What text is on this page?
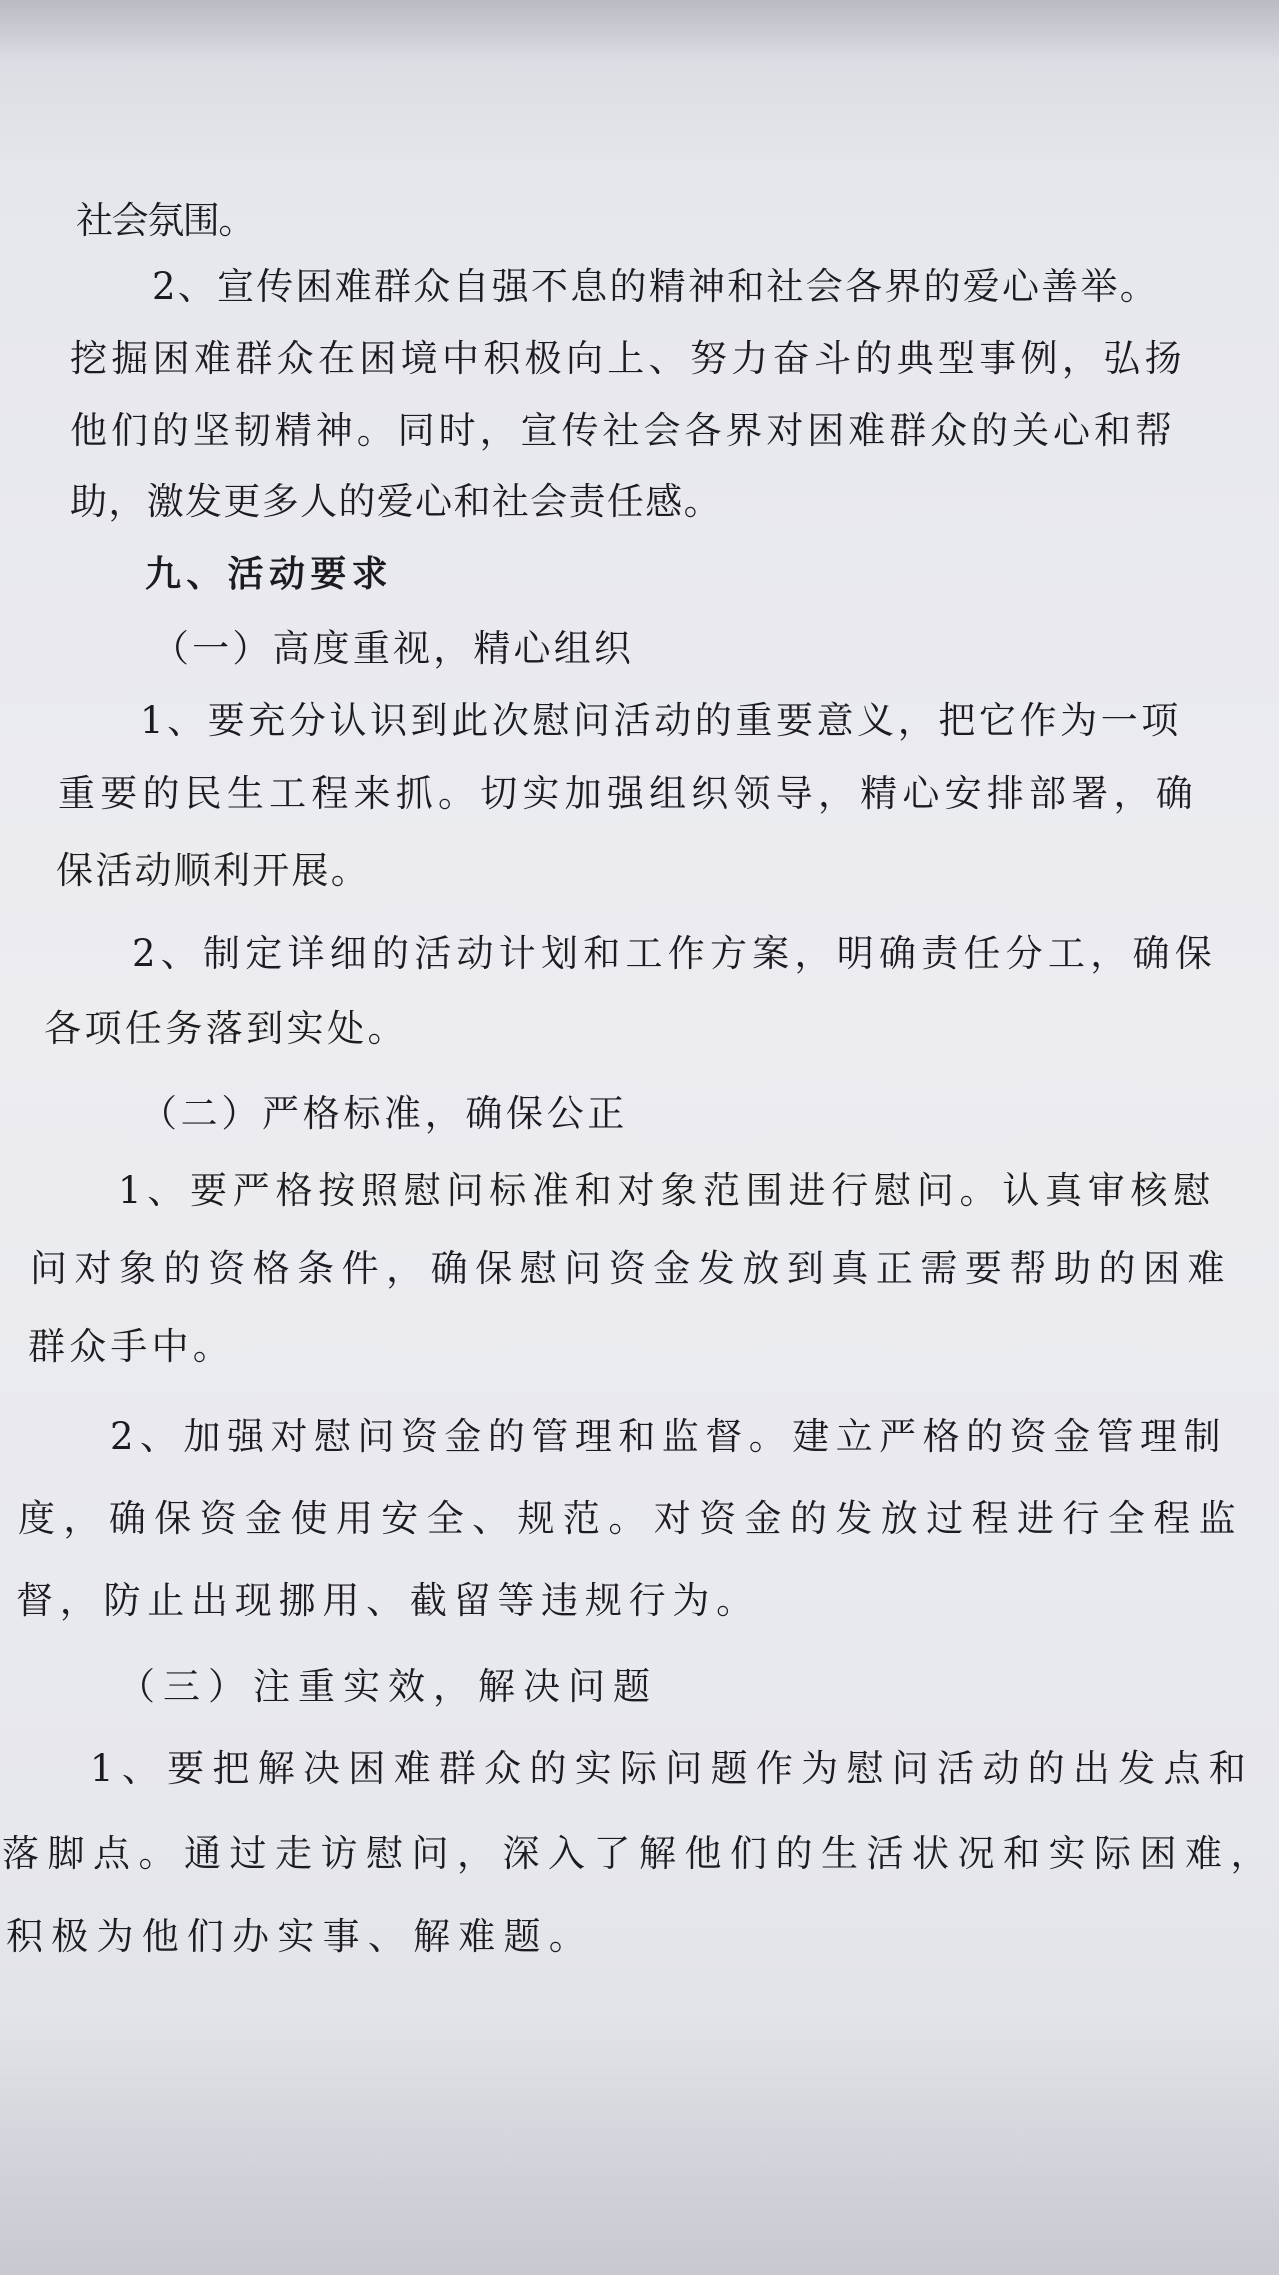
社会氛围。
2、宣传困难群众自强不息的精神和社会各界的爱心善举。
挖掘困难群众在困境中积极向上、努力奋斗的典型事例，弘扬
他们的坚韧精神。同时，宣传社会各界对困难群众的关心和帮
助，激发更多人的爱心和社会责任感。
九、活动要求
（一）高度重视，精心组织
1、要充分认识到此次慰问活动的重要意义，把它作为一项
重要的民生工程来抓。切实加强组织领导，精心安排部署，确
保活动顺利开展。
2、制定详细的活动计划和工作方案，明确责任分工，确保
各项任务落到实处。
（二）严格标准，确保公正
1、要严格按照慰问标准和对象范围进行慰问。认真审核慰
问对象的资格条件，确保慰问资金发放到真正需要帮助的困难
群众手中。
2、加强对慰问资金的管理和监督。建立严格的资金管理制
度，确保资金使用安全、规范。对资金的发放过程进行全程监
督，防止出现挪用、截留等违规行为。
（三）注重实效，解决问题
1、要把解决困难群众的实际问题作为慰问活动的出发点和
落脚点。通过走访慰问，深入了解他们的生活状况和实际困难，
积极为他们办实事、解难题。
